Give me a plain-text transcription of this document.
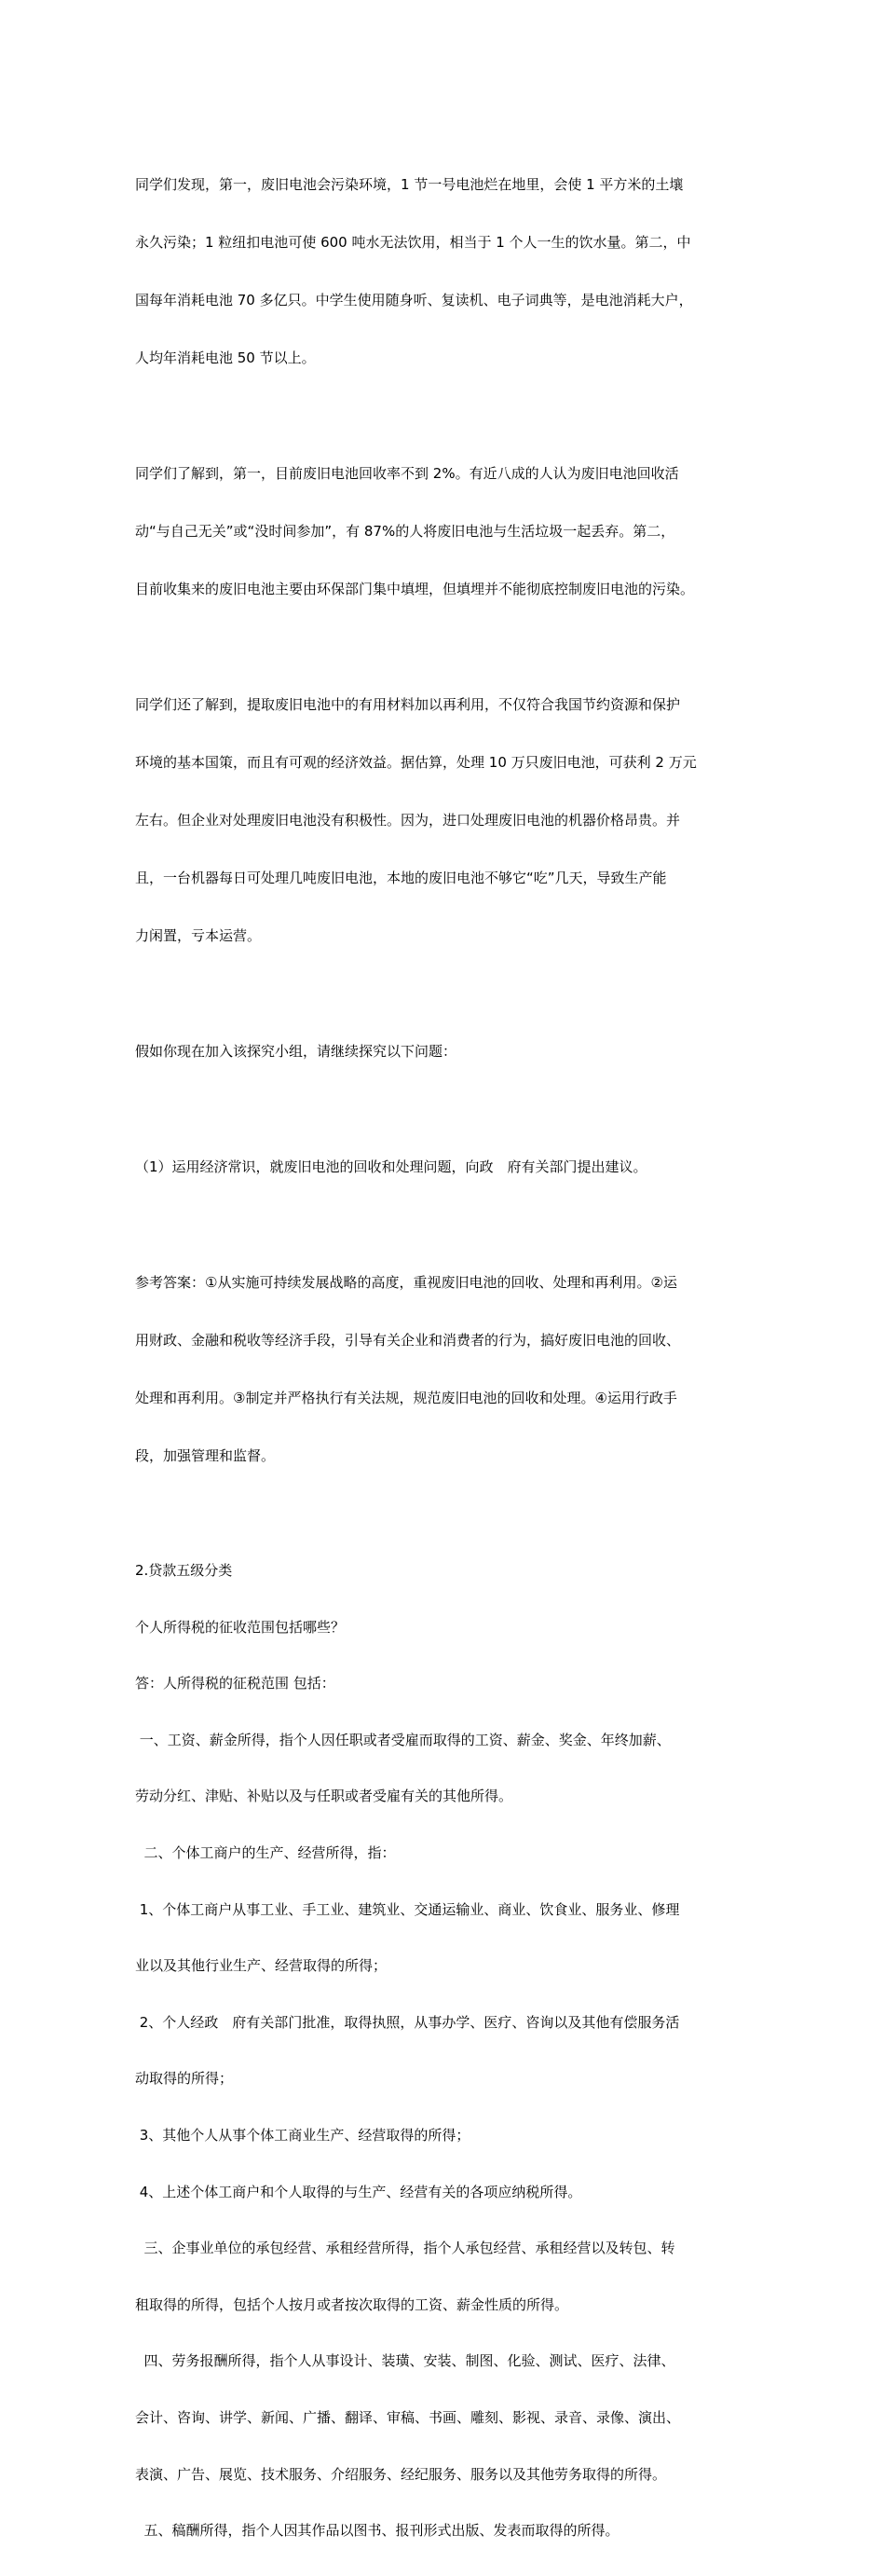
同学们发现，第一，废旧电池会污染环境，1 节一号电池烂在地里，会使 1 平方米的土壤

永久污染；1 粒纽扣电池可使 600 吨水无法饮用，相当于 1 个人一生的饮水量。第二，中

国每年消耗电池 70 多亿只。中学生使用随身听、复读机、电子词典等，是电池消耗大户，

人均年消耗电池 50 节以上。

同学们了解到，第一，目前废旧电池回收率不到 2%。有近八成的人认为废旧电池回收活

动“与自己无关”或“没时间参加”，有 87%的人将废旧电池与生活垃圾一起丢弃。第二，

目前收集来的废旧电池主要由环保部门集中填埋，但填埋并不能彻底控制废旧电池的污染。

同学们还了解到，提取废旧电池中的有用材料加以再利用，不仅符合我国节约资源和保护

环境的基本国策，而且有可观的经济效益。据估算，处理 10 万只废旧电池，可获利 2 万元

左右。但企业对处理废旧电池没有积极性。因为，进口处理废旧电池的机器价格昂贵。并

且，一台机器每日可处理几吨废旧电池，本地的废旧电池不够它“吃”几天，导致生产能

力闲置，亏本运营。

假如你现在加入该探究小组，请继续探究以下问题：

（1）运用经济常识，就废旧电池的回收和处理问题，向政　府有关部门提出建议。

参考答案：①从实施可持续发展战略的高度，重视废旧电池的回收、处理和再利用。②运

用财政、金融和税收等经济手段，引导有关企业和消费者的行为，搞好废旧电池的回收、

处理和再利用。③制定并严格执行有关法规，规范废旧电池的回收和处理。④运用行政手

段，加强管理和监督。

2.贷款五级分类

个人所得税的征收范围包括哪些？

答：人所得税的征税范围 包括：

一、工资、薪金所得，指个人因任职或者受雇而取得的工资、薪金、奖金、年终加薪、

劳动分红、津贴、补贴以及与任职或者受雇有关的其他所得。

二、个体工商户的生产、经营所得，指：

1、个体工商户从事工业、手工业、建筑业、交通运输业、商业、饮食业、服务业、修理

业以及其他行业生产、经营取得的所得；

2、个人经政　府有关部门批准，取得执照，从事办学、医疗、咨询以及其他有偿服务活

动取得的所得；

3、其他个人从事个体工商业生产、经营取得的所得；

4、上述个体工商户和个人取得的与生产、经营有关的各项应纳税所得。

三、企事业单位的承包经营、承租经营所得，指个人承包经营、承租经营以及转包、转

租取得的所得，包括个人按月或者按次取得的工资、薪金性质的所得。

四、劳务报酬所得，指个人从事设计、装璜、安装、制图、化验、测试、医疗、法律、

会计、咨询、讲学、新闻、广播、翻译、审稿、书画、雕刻、影视、录音、录像、演出、

表演、广告、展览、技术服务、介绍服务、经纪服务、服务以及其他劳务取得的所得。

五、稿酬所得，指个人因其作品以图书、报刊形式出版、发表而取得的所得。
